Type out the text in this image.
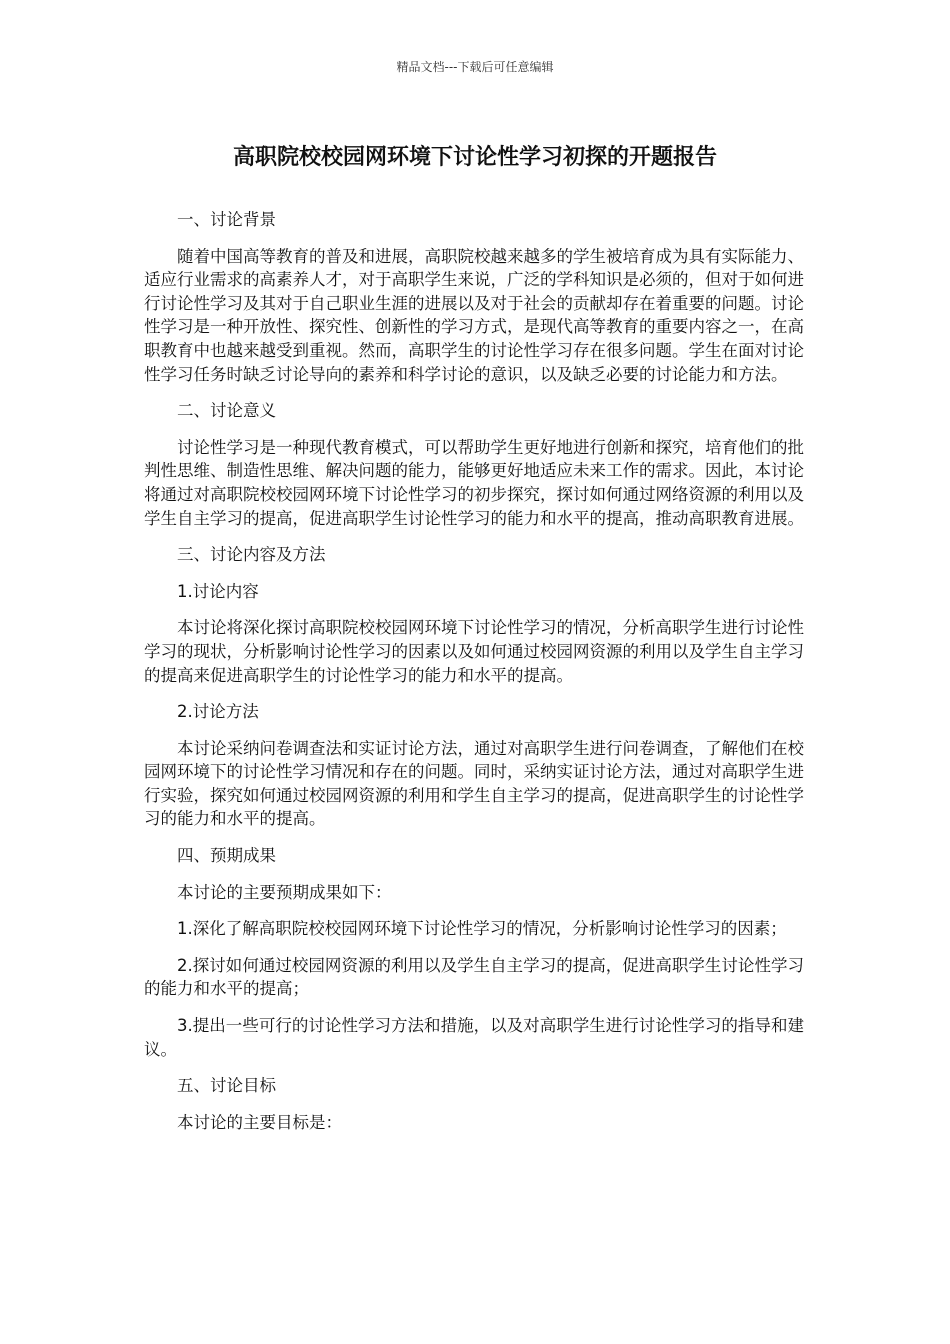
精品文档---下载后可任意编辑
高职院校校园网环境下讨论性学习初探的开题报告

一、讨论背景

随着中国高等教育的普及和进展，高职院校越来越多的学生被培育成为具有实际能力、适应行业需求的高素养人才，对于高职学生来说，广泛的学科知识是必须的，但对于如何进行讨论性学习及其对于自己职业生涯的进展以及对于社会的贡献却存在着重要的问题。讨论性学习是一种开放性、探究性、创新性的学习方式，是现代高等教育的重要内容之一，在高职教育中也越来越受到重视。然而，高职学生的讨论性学习存在很多问题。学生在面对讨论性学习任务时缺乏讨论导向的素养和科学讨论的意识，以及缺乏必要的讨论能力和方法。

二、讨论意义

讨论性学习是一种现代教育模式，可以帮助学生更好地进行创新和探究，培育他们的批判性思维、制造性思维、解决问题的能力，能够更好地适应未来工作的需求。因此，本讨论将通过对高职院校校园网环境下讨论性学习的初步探究，探讨如何通过网络资源的利用以及学生自主学习的提高，促进高职学生讨论性学习的能力和水平的提高，推动高职教育进展。

三、讨论内容及方法

1.讨论内容

本讨论将深化探讨高职院校校园网环境下讨论性学习的情况，分析高职学生进行讨论性学习的现状，分析影响讨论性学习的因素以及如何通过校园网资源的利用以及学生自主学习的提高来促进高职学生的讨论性学习的能力和水平的提高。

2.讨论方法

本讨论采纳问卷调查法和实证讨论方法，通过对高职学生进行问卷调查，了解他们在校园网环境下的讨论性学习情况和存在的问题。同时，采纳实证讨论方法，通过对高职学生进行实验，探究如何通过校园网资源的利用和学生自主学习的提高，促进高职学生的讨论性学习的能力和水平的提高。

四、预期成果

本讨论的主要预期成果如下：

1.深化了解高职院校校园网环境下讨论性学习的情况，分析影响讨论性学习的因素；

2.探讨如何通过校园网资源的利用以及学生自主学习的提高，促进高职学生讨论性学习的能力和水平的提高；

3.提出一些可行的讨论性学习方法和措施，以及对高职学生进行讨论性学习的指导和建议。

五、讨论目标

本讨论的主要目标是：
